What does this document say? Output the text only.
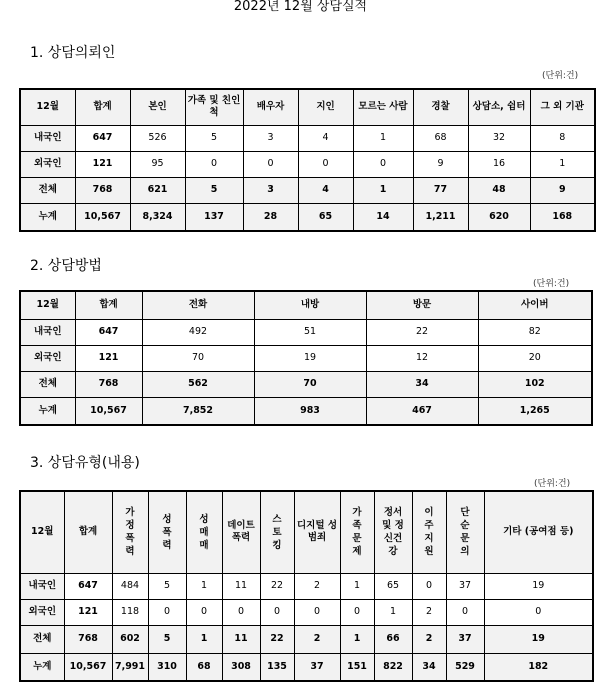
2022년 12월 상담실적
1. 상담의뢰인
(단위:건)
12월	합계	본인	가족 및 친인척	배우자	지인	모르는 사람	경찰	상담소, 쉼터	그 외 기관
내국인	647	526	5	3	4	1	68	32	8
외국인	121	95	0	0	0	0	9	16	1
전체	768	621	5	3	4	1	77	48	9
누계	10,567	8,324	137	28	65	14	1,211	620	168
2. 상담방법
(단위:건)
12월	합계	전화	내방	방문	사이버
내국인	647	492	51	22	82
외국인	121	70	19	12	20
전체	768	562	70	34	102
누계	10,567	7,852	983	467	1,265
3. 상담유형(내용)
(단위:건)
12월	합계	가정폭력	성폭력	성매매	데이트 폭력	스토킹	디지털 성범죄	가족문제	정서 및 정신건강	이주지원	단순문의	기타 (공여점 등)
내국인	647	484	5	1	11	22	2	1	65	0	37	19
외국인	121	118	0	0	0	0	0	0	1	2	0	0
전체	768	602	5	1	11	22	2	1	66	2	37	19
누계	10,567	7,991	310	68	308	135	37	151	822	34	529	182
